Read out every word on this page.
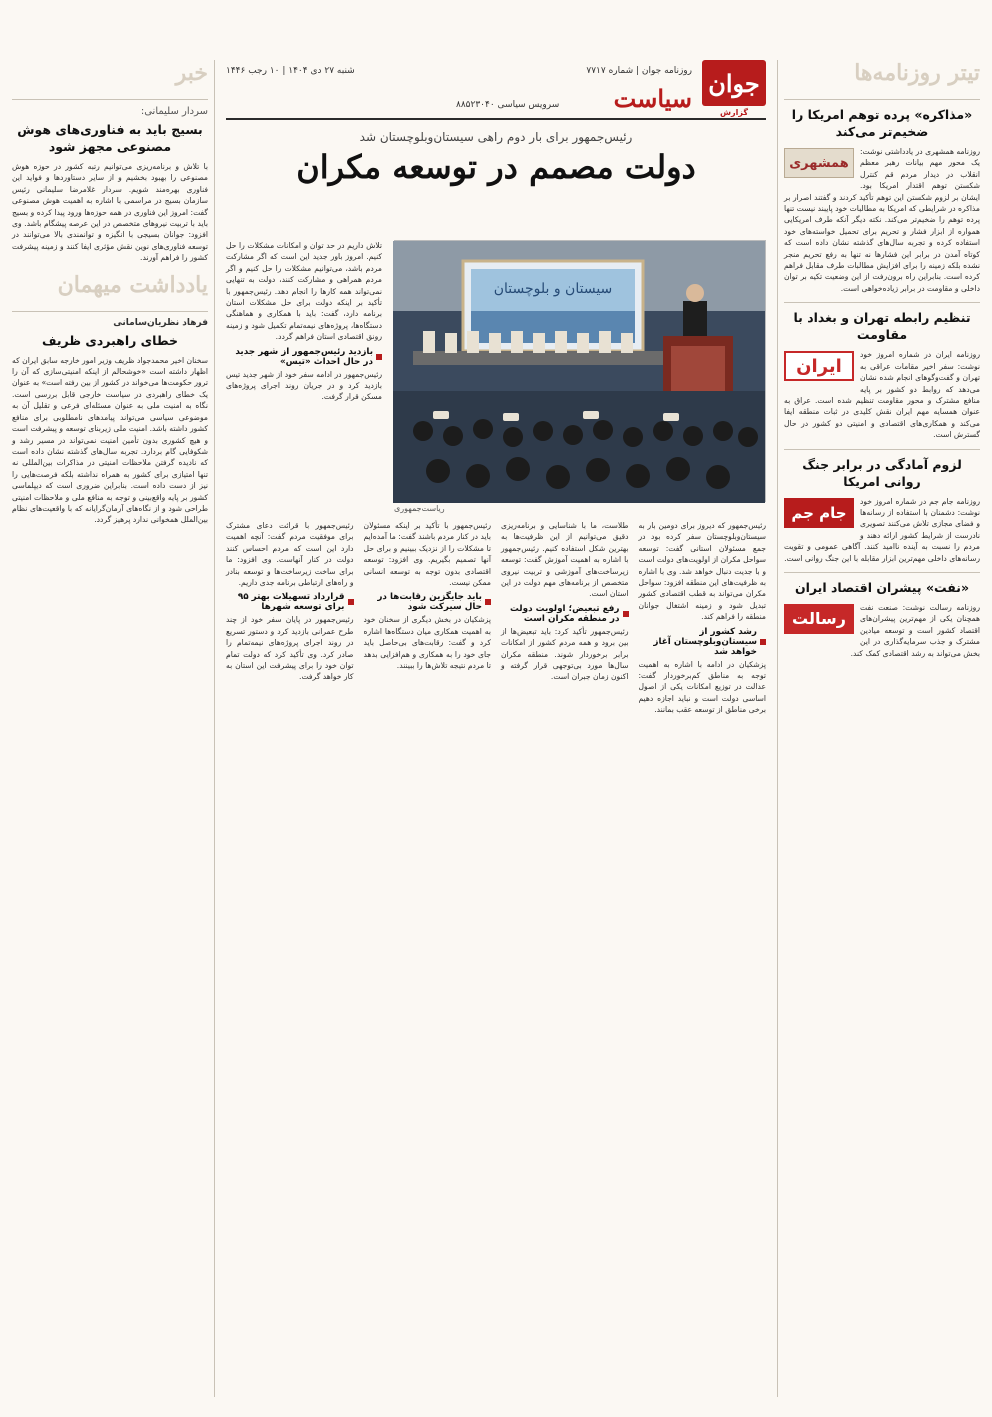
تیتر روزنامه‌ها
«مذاکره» پرده توهم امریکا را ضخیم‌تر می‌کند
همشهری
روزنامه همشهری در یادداشتی نوشت: یک محور مهم بیانات رهبر معظم انقلاب در دیدار مردم قم کنترل شکستن توهم اقتدار امریکا بود. ایشان بر لزوم شکستن این توهم تأکید کردند و گفتند اصرار بر مذاکره در شرایطی که امریکا به مطالبات خود پایبند نیست تنها پرده توهم را ضخیم‌تر می‌کند. نکته دیگر آنکه طرف امریکایی همواره از ابزار فشار و تحریم برای تحمیل خواسته‌های خود استفاده کرده و تجربه سال‌های گذشته نشان داده است که کوتاه آمدن در برابر این فشارها نه تنها به رفع تحریم منجر نشده بلکه زمینه را برای افزایش مطالبات طرف مقابل فراهم کرده است. بنابراین راه برون‌رفت از این وضعیت تکیه بر توان داخلی و مقاومت در برابر زیاده‌خواهی است.
تنظیم رابطه تهران و بغداد با مقاومت
ایران
روزنامه ایران در شماره امروز خود نوشت: سفر اخیر مقامات عراقی به تهران و گفت‌وگوهای انجام شده نشان می‌دهد که روابط دو کشور بر پایه منافع مشترک و محور مقاومت تنظیم شده است. عراق به عنوان همسایه مهم ایران نقش کلیدی در ثبات منطقه ایفا می‌کند و همکاری‌های اقتصادی و امنیتی دو کشور در حال گسترش است.
لزوم آمادگی در برابر جنگ روانی امریکا
جام جم
روزنامه جام جم در شماره امروز خود نوشت: دشمنان با استفاده از رسانه‌ها و فضای مجازی تلاش می‌کنند تصویری نادرست از شرایط کشور ارائه دهند و مردم را نسبت به آینده ناامید کنند. آگاهی عمومی و تقویت رسانه‌های داخلی مهم‌ترین ابزار مقابله با این جنگ روانی است.
«نفت» پیشران اقتصاد ایران
رسالت
روزنامه رسالت نوشت: صنعت نفت همچنان یکی از مهم‌ترین پیشران‌های اقتصاد کشور است و توسعه میادین مشترک و جذب سرمایه‌گذاری در این بخش می‌تواند به رشد اقتصادی کمک کند.
خبر
سردار سلیمانی:
بسیج باید به فناوری‌های هوش مصنوعی مجهز شود
با تلاش و برنامه‌ریزی می‌توانیم رتبه کشور در حوزه هوش مصنوعی را بهبود بخشیم و از سایر دستاوردها و فواید این فناوری بهره‌مند شویم. سردار غلامرضا سلیمانی رئیس سازمان بسیج در مراسمی با اشاره به اهمیت هوش مصنوعی گفت: امروز این فناوری در همه حوزه‌ها ورود پیدا کرده و بسیج باید با تربیت نیروهای متخصص در این عرصه پیشگام باشد. وی افزود: جوانان بسیجی با انگیزه و توانمندی بالا می‌توانند در توسعه فناوری‌های نوین نقش مؤثری ایفا کنند و زمینه پیشرفت کشور را فراهم آورند.
یادداشت میهمان
فرهاد نظریان‌سامانی
خطای راهبردی ظریف
سخنان اخیر محمدجواد ظریف وزیر امور خارجه سابق ایران که اظهار داشته است «خوشحالم از اینکه امنیتی‌سازی که آن را ترور حکومت‌ها می‌خواند در کشور از بین رفته است» به عنوان یک خطای راهبردی در سیاست خارجی قابل بررسی است. نگاه به امنیت ملی به عنوان مسئله‌ای فرعی و تقلیل آن به موضوعی سیاسی می‌تواند پیامدهای نامطلوبی برای منافع کشور داشته باشد. امنیت ملی زیربنای توسعه و پیشرفت است و هیچ کشوری بدون تأمین امنیت نمی‌تواند در مسیر رشد و شکوفایی گام بردارد. تجربه سال‌های گذشته نشان داده است که نادیده گرفتن ملاحظات امنیتی در مذاکرات بین‌المللی نه تنها امتیازی برای کشور به همراه نداشته بلکه فرصت‌هایی را نیز از دست داده است. بنابراین ضروری است که دیپلماسی کشور بر پایه واقع‌بینی و توجه به منافع ملی و ملاحظات امنیتی طراحی شود و از نگاه‌های آرمان‌گرایانه که با واقعیت‌های نظام بین‌الملل همخوانی ندارد پرهیز گردد.
جوان
گزارش
روزنامه جوان | شماره ۷۷۱۷
سیاست
سرویس سیاسی ۸۸۵۲۳۰۴۰
شنبه ۲۷ دی ۱۴۰۴ | ۱۰ رجب ۱۴۴۶
رئیس‌جمهور برای بار دوم راهی سیستان‌وبلوچستان شد
دولت مصمم در توسعه مکران
سیستان و بلوچستان
ریاست‌جمهوری
تلاش داریم در حد توان و امکانات مشکلات را حل کنیم. امروز باور جدید این است که اگر مشارکت مردم باشد، می‌توانیم مشکلات را حل کنیم و اگر مردم همراهی و مشارکت کنند، دولت به تنهایی نمی‌تواند همه کارها را انجام دهد. رئیس‌جمهور با تأکید بر اینکه دولت برای حل مشکلات استان برنامه دارد، گفت: باید با همکاری و هماهنگی دستگاه‌ها، پروژه‌های نیمه‌تمام تکمیل شود و زمینه رونق اقتصادی استان فراهم گردد.
بازدید رئیس‌جمهور از شهر جدید در حال احداث «تیس»
رئیس‌جمهور در ادامه سفر خود از شهر جدید تیس بازدید کرد و در جریان روند اجرای پروژه‌های مسکن قرار گرفت.
رئیس‌جمهور که دیروز برای دومین بار به سیستان‌وبلوچستان سفر کرده بود در جمع مسئولان استانی گفت: توسعه سواحل مکران از اولویت‌های دولت است و با جدیت دنبال خواهد شد. وی با اشاره به ظرفیت‌های این منطقه افزود: سواحل مکران می‌تواند به قطب اقتصادی کشور تبدیل شود و زمینه اشتغال جوانان منطقه را فراهم کند.
رشد کشور از سیستان‌وبلوچستان آغاز خواهد شد
پزشکیان در ادامه با اشاره به اهمیت توجه به مناطق کم‌برخوردار گفت: عدالت در توزیع امکانات یکی از اصول اساسی دولت است و نباید اجازه دهیم برخی مناطق از توسعه عقب بمانند.
طلاست، ما با شناسایی و برنامه‌ریزی دقیق می‌توانیم از این ظرفیت‌ها به بهترین شکل استفاده کنیم. رئیس‌جمهور با اشاره به اهمیت آموزش گفت: توسعه زیرساخت‌های آموزشی و تربیت نیروی متخصص از برنامه‌های مهم دولت در این استان است.
رفع تبعیض؛ اولویت دولت در منطقه مکران است
رئیس‌جمهور تأکید کرد: باید تبعیض‌ها از بین برود و همه مردم کشور از امکانات برابر برخوردار شوند. منطقه مکران سال‌ها مورد بی‌توجهی قرار گرفته و اکنون زمان جبران است.
رئیس‌جمهور با تأکید بر اینکه مسئولان باید در کنار مردم باشند گفت: ما آمده‌ایم تا مشکلات را از نزدیک ببینیم و برای حل آنها تصمیم بگیریم. وی افزود: توسعه اقتصادی بدون توجه به توسعه انسانی ممکن نیست.
باید جایگزین رقابت‌ها در حال سیرکت شود
پزشکیان در بخش دیگری از سخنان خود به اهمیت همکاری میان دستگاه‌ها اشاره کرد و گفت: رقابت‌های بی‌حاصل باید جای خود را به همکاری و هم‌افزایی بدهد تا مردم نتیجه تلاش‌ها را ببینند.
رئیس‌جمهور با قرائت دعای مشترک برای موفقیت مردم گفت: آنچه اهمیت دارد این است که مردم احساس کنند دولت در کنار آنهاست. وی افزود: ما برای ساخت زیرساخت‌ها و توسعه بنادر و راه‌های ارتباطی برنامه جدی داریم.
قرارداد تسهیلات بهتر ۹۵ برای توسعه شهرها
رئیس‌جمهور در پایان سفر خود از چند طرح عمرانی بازدید کرد و دستور تسریع در روند اجرای پروژه‌های نیمه‌تمام را صادر کرد. وی تأکید کرد که دولت تمام توان خود را برای پیشرفت این استان به کار خواهد گرفت.
